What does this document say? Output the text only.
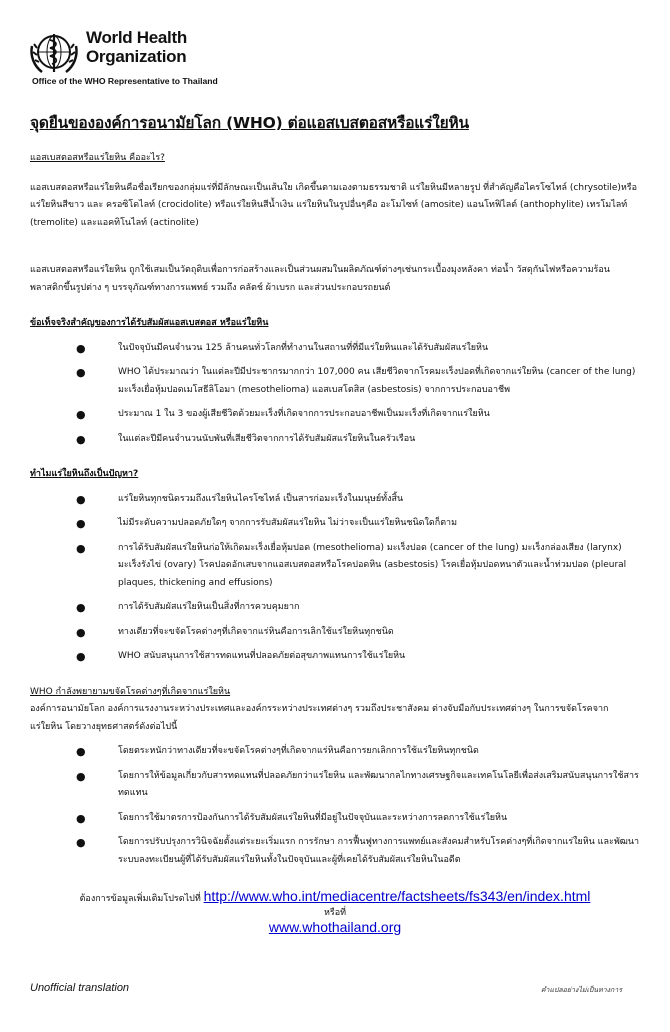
World Health
Organization
Office of the WHO Representative to Thailand
จุดยืนขององค์การอนามัยโลก (WHO) ต่อแอสเบสตอสหรือแร่ใยหิน

แอสเบสตอสหรือแร่ใยหิน คืออะไร?

แอสเบสตอสหรือแร่ใยหินคือชื่อเรียกของกลุ่มแร่ที่มีลักษณะเป็นเส้นใย เกิดขึ้นตามเองตามธรรมชาติ แร่ใยหินมีหลายรูป ที่สำคัญคือไครโซไทล์ (chrysotile)หรือแร่ใยหินสีขาว และ ครอซิโดไลท์ (crocidolite) หรือแร่ใยหินสีน้ำเงิน แร่ใยหินในรูปอื่นๆคือ อะโมไซท์ (amosite) แอนโทฟิไลต์ (anthophylite) เทรโมไลท์ (tremolite) และแอคทิโนไลท์ (actinolite)

แอสเบสตอสหรือแร่ใยหิน ถูกใช้เสมเป็นวัตถุดิบเพื่อการก่อสร้างและเป็นส่วนผสมในผลิตภัณฑ์ต่างๆเช่นกระเบื้องมุงหลังคา ท่อน้ำ วัสดุกันไฟหรือความร้อน พลาสติกขึ้นรูปต่าง ๆ บรรจุภัณฑ์ทางการแพทย์ รวมถึง คลัตช์ ผ้าเบรก และส่วนประกอบรถยนต์

ข้อเท็จจริงสำคัญของการได้รับสัมผัสแอสเบสตอส หรือแร่ใยหิน

●	ในปัจจุบันมีคนจำนวน 125 ล้านคนทั่วโลกที่ทำงานในสถานที่ที่มีแร่ใยหินและได้รับสัมผัสแร่ใยหิน
●	WHO ได้ประมาณว่า ในแต่ละปีมีประชากรมากกว่า 107,000 คน เสียชีวิตจากโรคมะเร็งปอดที่เกิดจากแร่ใยหิน (cancer of the lung) มะเร็งเยื่อหุ้มปอดเมโสธีลิโอมา (mesothelioma) แอสเบสโตสิส (asbestosis) จากการประกอบอาชีพ
●	ประมาณ 1 ใน 3 ของผู้เสียชีวิตด้วยมะเร็งที่เกิดจากการประกอบอาชีพเป็นมะเร็งที่เกิดจากแร่ใยหิน
●	ในแต่ละปีมีคนจำนวนนับพันที่เสียชีวิตจากการได้รับสัมผัสแร่ใยหินในครัวเรือน

ทำไมแร่ใยหินถึงเป็นปัญหา?

●	แร่ใยหินทุกชนิดรวมถึงแร่ใยหินไครโซไทล์ เป็นสารก่อมะเร็งในมนุษย์ทั้งสิ้น
●	ไม่มีระดับความปลอดภัยใดๆ จากการรับสัมผัสแร่ใยหิน ไม่ว่าจะเป็นแร่ใยหินชนิดใดก็ตาม
●	การได้รับสัมผัสแร่ใยหินก่อให้เกิดมะเร็งเยื่อหุ้มปอด (mesothelioma) มะเร็งปอด (cancer of the lung) มะเร็งกล่องเสียง (larynx) มะเร็งรังไข่ (ovary) โรคปอดอักเสบจากแอสเบสตอสหรือโรคปอดหิน (asbestosis) โรคเยื่อหุ้มปอดหนาตัวและน้ำท่วมปอด (pleural plaques, thickening and effusions)
●	การได้รับสัมผัสแร่ใยหินเป็นสิ่งที่การควบคุมยาก
●	ทางเดียวที่จะขจัดโรคต่างๆที่เกิดจากแร่หินคือการเลิกใช้แร่ใยหินทุกชนิด
●	WHO สนับสนุนการใช้สารทดแทนที่ปลอดภัยต่อสุขภาพแทนการใช้แร่ใยหิน

WHO กำลังพยายามขจัดโรคต่างๆที่เกิดจากแร่ใยหิน

องค์การอนามัยโลก องค์การแรงงานระหว่างประเทศและองค์กรระหว่างประเทศต่างๆ รวมถึงประชาสังคม ต่างจับมือกับประเทศต่างๆ ในการขจัดโรคจากแร่ใยหิน โดยวางยุทธศาสตร์ดังต่อไปนี้

●	โดยตระหนักว่าทางเดียวที่จะขจัดโรคต่างๆที่เกิดจากแร่หินคือการยกเลิกการใช้แร่ใยหินทุกชนิด
●	โดยการให้ข้อมูลเกี่ยวกับสารทดแทนที่ปลอดภัยกว่าแร่ใยหิน และพัฒนากลไกทางเศรษฐกิจและเทคโนโลยีเพื่อส่งเสริมสนับสนุนการใช้สารทดแทน
●	โดยการใช้มาตรการป้องกันการได้รับสัมผัสแร่ใยหินที่มีอยู่ในปัจจุบันและระหว่างการลดการใช้แร่ใยหิน
●	โดยการปรับปรุงการวินิจฉัยตั้งแต่ระยะเริ่มแรก การรักษา การฟื้นฟูทางการแพทย์และสังคมสำหรับโรคต่างๆที่เกิดจากแร่ใยหิน และพัฒนาระบบลงทะเบียนผู้ที่ได้รับสัมผัสแร่ใยหินทั้งในปัจจุบันและผู้ที่เคยได้รับสัมผัสแร่ใยหินในอดีต
ต้องการข้อมูลเพิ่มเติมโปรดไปที่ http://www.who.int/mediacentre/factsheets/fs343/en/index.html
หรือที่
www.whothailand.org
Unofficial translation	คำแปลอย่างไม่เป็นทางการ
